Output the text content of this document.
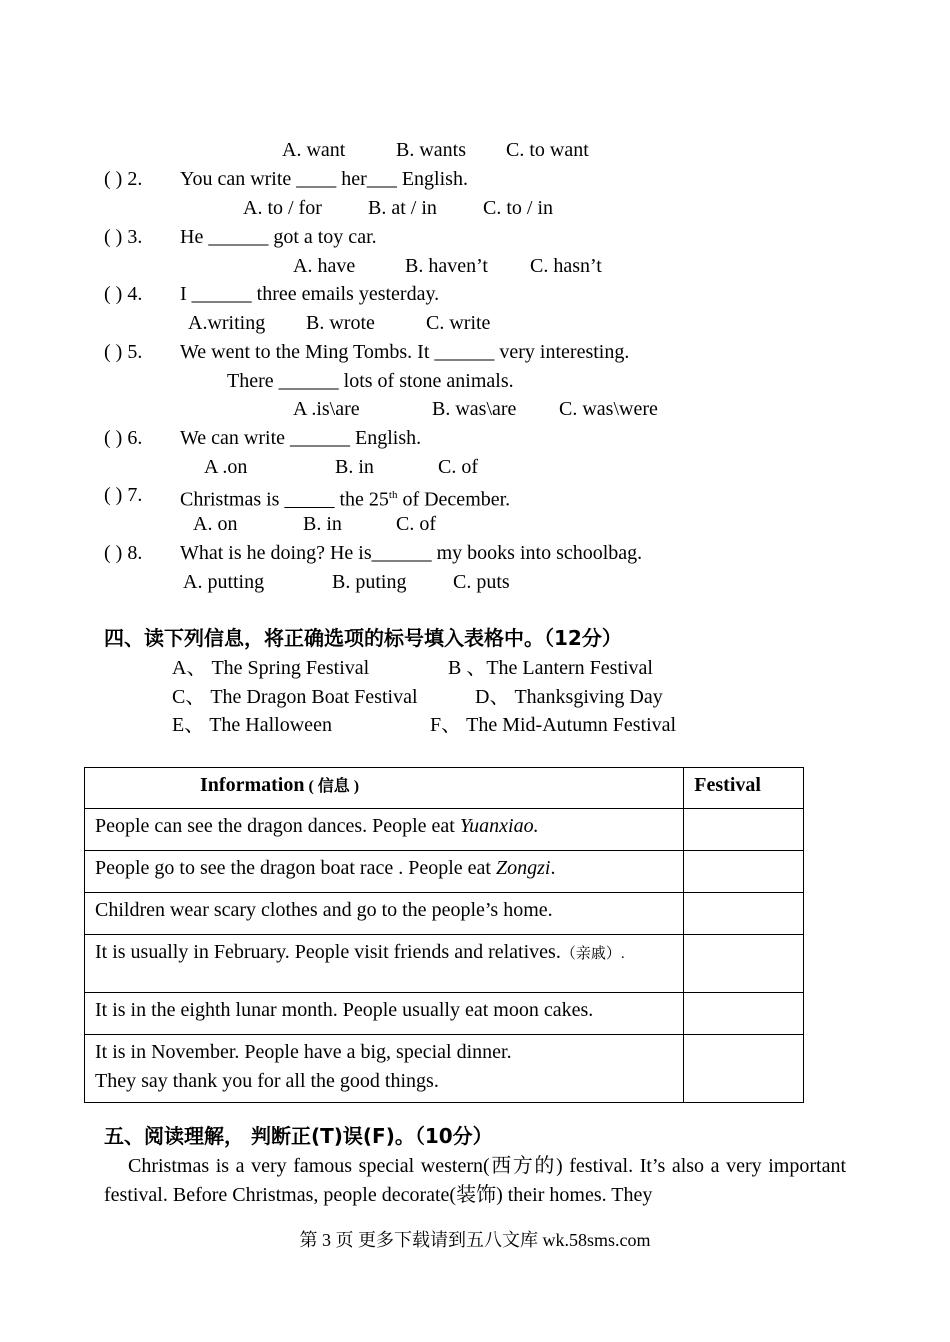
A. want	B. wants C. to want
( ) 2. You can write ____ her___ English.
A. to / for B. at / in C. to / in
( ) 3. He ______ got a toy car.
A. have B. haven’t C. hasn’t
( ) 4. I ______ three emails yesterday.
A.writing B. wrote	C. write
( ) 5. We went to the Ming Tombs. It ______ very interesting.
There ______ lots of stone animals.
A .is\are	B. was\are C. was\were
( ) 6. We can write ______ English.
A .on	B. in	C. of
( ) 7. Christmas is _____ the 25th of December.
A. on	B. in	C. of
( ) 8. What is he doing? He is______ my books into schoolbag.
A. putting	B. puting C. puts
四、读下列信息，将正确选项的标号填入表格中。（12分）
A、 The Spring Festival	B 、The Lantern Festival
C、 The Dragon Boat Festival	D、 Thanksgiving Day
E、 The Halloween	F、 The Mid-Autumn Festival
Information ( 信息 )	Festival
People can see the dragon dances. People eat Yuanxiao.	
People go to see the dragon boat race . People eat Zongzi.	
Children wear scary clothes and go to the people’s home.	
It is usually in February. People visit friends and relatives.（亲戚）.	
It is in the eighth lunar month. People usually eat moon cakes.	
It is in November. People have a big, special dinner.
They say thank you for all the good things.	
五、阅读理解， 判断正(T)误(F)。（10分）
Christmas is a very famous special western(西方的) festival. It’s also a very important festival. Before Christmas, people decorate(装饰) their homes. They
第 3 页 更多下载请到五八文库 wk.58sms.com
